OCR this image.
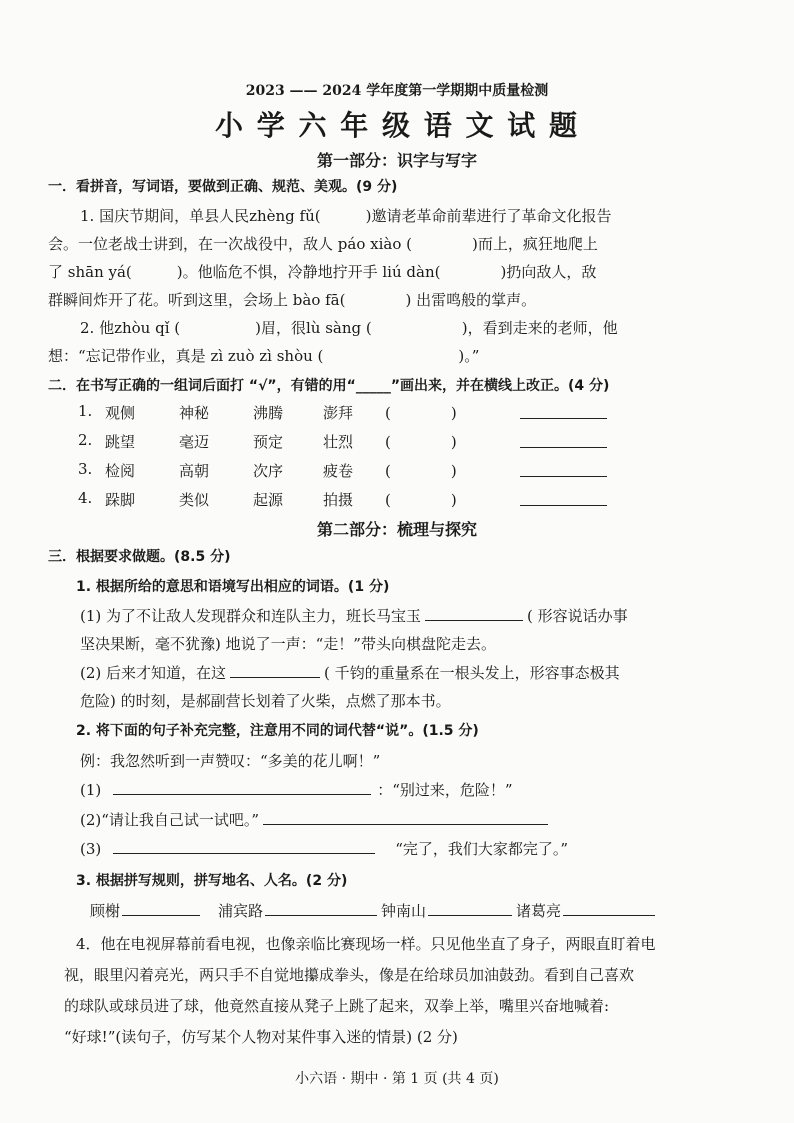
2023 —— 2024 学年度第一学期期中质量检测
小 学 六 年 级 语 文 试 题
第一部分：识字与写字
一．看拼音，写词语，要做到正确、规范、美观。(9 分)
1. 国庆节期间，单县人民zhèng fǔ(　　　)邀请老革命前辈进行了革命文化报告
会。一位老战士讲到，在一次战役中，敌人 páo xiào (　　　　)而上，疯狂地爬上
了 shān yá(　　　)。他临危不惧，冷静地拧开手 liú dàn(　　　　)扔向敌人，敌
群瞬间炸开了花。听到这里，会场上 bào fā(　　　　) 出雷鸣般的掌声。
2. 他zhòu qǐ (　　　　　)眉，很lù sàng (　　　　　　)，看到走来的老师，他
想：“忘记带作业，真是 zì zuò zì shòu (　　　　　　　　　)。”
二．在书写正确的一组词后面打 “√”，有错的用“_____”画出来，并在横线上改正。(4 分)
1. 观侧	神秘	沸腾	澎拜 (　　　　)
2. 跳望	毫迈	预定	壮烈 (　　　　)
3. 检阅	高朝	次序	疲卷 (　　　　)
4. 跺脚	类似	起源	拍摄 (　　　　)
第二部分：梳理与探究
三．根据要求做题。(8.5 分)
1. 根据所给的意思和语境写出相应的词语。(1 分)
(1) 为了不让敌人发现群众和连队主力，班长马宝玉	( 形容说话办事
坚决果断，毫不犹豫) 地说了一声：“走！”带头向棋盘陀走去。
(2) 后来才知道，在这	( 千钧的重量系在一根头发上，形容事态极其
危险) 的时刻，是郝副营长划着了火柴，点燃了那本书。
2. 将下面的句子补充完整，注意用不同的词代替“说”。(1.5 分)
例：我忽然听到一声赞叹：“多美的花儿啊！”
(1)	：“别过来，危险！”
(2)“请让我自己试一试吧。”
(3)	“完了，我们大家都完了。”
3. 根据拼写规则，拼写地名、人名。(2 分)
顾榭	浦宾路	钟南山	诸葛亮
4．他在电视屏幕前看电视，也像亲临比赛现场一样。只见他坐直了身子，两眼直盯着电
视，眼里闪着亮光，两只手不自觉地攥成拳头，像是在给球员加油鼓劲。看到自己喜欢
的球队或球员进了球，他竟然直接从凳子上跳了起来，双拳上举，嘴里兴奋地喊着:
“好球!”(读句子，仿写某个人物对某件事入迷的情景) (2 分)
小六语 · 期中 · 第 1 页 (共 4 页)
